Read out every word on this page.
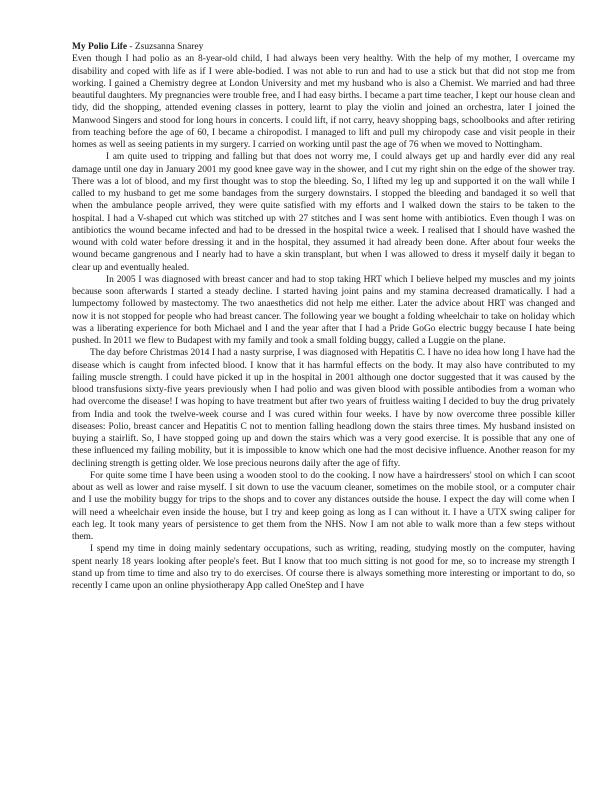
My Polio Life - Zsuzsanna Snarey

Even though I had polio as an 8-year-old child, I had always been very healthy. With the help of my mother, I overcame my disability and coped with life as if I were able-bodied. I was not able to run and had to use a stick but that did not stop me from working. I gained a Chemistry degree at London University and met my husband who is also a Chemist. We married and had three beautiful daughters. My pregnancies were trouble free, and I had easy births. I became a part time teacher, I kept our house clean and tidy, did the shopping, attended evening classes in pottery, learnt to play the violin and joined an orchestra, later I joined the Manwood Singers and stood for long hours in concerts. I could lift, if not carry, heavy shopping bags, schoolbooks and after retiring from teaching before the age of 60, I became a chiropodist. I managed to lift and pull my chiropody case and visit people in their homes as well as seeing patients in my surgery. I carried on working until past the age of 76 when we moved to Nottingham.

I am quite used to tripping and falling but that does not worry me, I could always get up and hardly ever did any real damage until one day in January 2001 my good knee gave way in the shower, and I cut my right shin on the edge of the shower tray. There was a lot of blood, and my first thought was to stop the bleeding. So, I lifted my leg up and supported it on the wall while I called to my husband to get me some bandages from the surgery downstairs. I stopped the bleeding and bandaged it so well that when the ambulance people arrived, they were quite satisfied with my efforts and I walked down the stairs to be taken to the hospital. I had a V-shaped cut which was stitched up with 27 stitches and I was sent home with antibiotics. Even though I was on antibiotics the wound became infected and had to be dressed in the hospital twice a week. I realised that I should have washed the wound with cold water before dressing it and in the hospital, they assumed it had already been done. After about four weeks the wound became gangrenous and I nearly had to have a skin transplant, but when I was allowed to dress it myself daily it began to clear up and eventually healed.

In 2005 I was diagnosed with breast cancer and had to stop taking HRT which I believe helped my muscles and my joints because soon afterwards I started a steady decline. I started having joint pains and my stamina decreased dramatically. I had a lumpectomy followed by mastectomy. The two anaesthetics did not help me either. Later the advice about HRT was changed and now it is not stopped for people who had breast cancer. The following year we bought a folding wheelchair to take on holiday which was a liberating experience for both Michael and I and the year after that I had a Pride GoGo electric buggy because I hate being pushed. In 2011 we flew to Budapest with my family and took a small folding buggy, called a Luggie on the plane.

The day before Christmas 2014 I had a nasty surprise, I was diagnosed with Hepatitis C. I have no idea how long I have had the disease which is caught from infected blood. I know that it has harmful effects on the body. It may also have contributed to my failing muscle strength. I could have picked it up in the hospital in 2001 although one doctor suggested that it was caused by the blood transfusions sixty-five years previously when I had polio and was given blood with possible antibodies from a woman who had overcome the disease! I was hoping to have treatment but after two years of fruitless waiting I decided to buy the drug privately from India and took the twelve-week course and I was cured within four weeks. I have by now overcome three possible killer diseases: Polio, breast cancer and Hepatitis C not to mention falling headlong down the stairs three times. My husband insisted on buying a stairlift. So, I have stopped going up and down the stairs which was a very good exercise. It is possible that any one of these influenced my failing mobility, but it is impossible to know which one had the most decisive influence. Another reason for my declining strength is getting older. We lose precious neurons daily after the age of fifty.

For quite some time I have been using a wooden stool to do the cooking. I now have a hairdressers' stool on which I can scoot about as well as lower and raise myself. I sit down to use the vacuum cleaner, sometimes on the mobile stool, or a computer chair and I use the mobility buggy for trips to the shops and to cover any distances outside the house. I expect the day will come when I will need a wheelchair even inside the house, but I try and keep going as long as I can without it. I have a UTX swing caliper for each leg. It took many years of persistence to get them from the NHS. Now I am not able to walk more than a few steps without them.

I spend my time in doing mainly sedentary occupations, such as writing, reading, studying mostly on the computer, having spent nearly 18 years looking after people's feet. But I know that too much sitting is not good for me, so to increase my strength I stand up from time to time and also try to do exercises. Of course there is always something more interesting or important to do, so recently I came upon an online physiotherapy App called OneStep and I have
